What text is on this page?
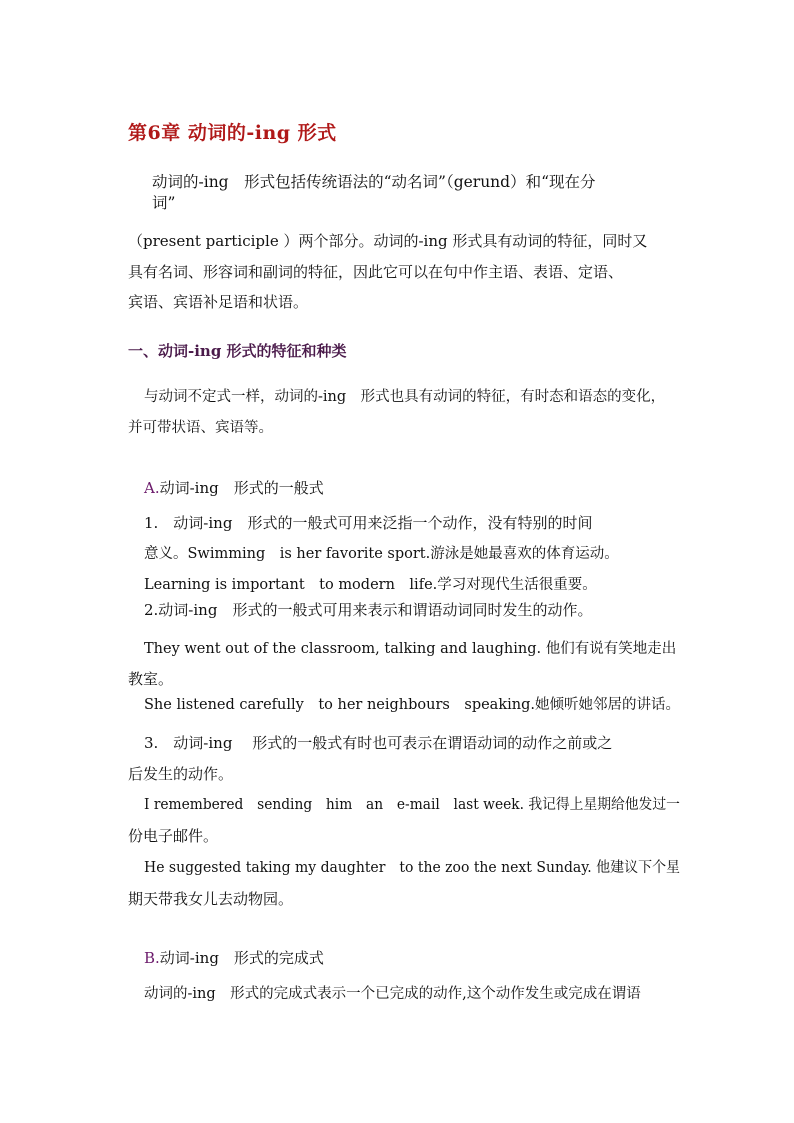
第6章 动词的-ing 形式
动词的-ing　形式包括传统语法的“动名词”（gerund）和“现在分
词”
（present participle ）两个部分。动词的-ing 形式具有动词的特征，同时又
具有名词、形容词和副词的特征，因此它可以在句中作主语、表语、定语、
宾语、宾语补足语和状语。
一、动词-ing 形式的特征和种类
与动词不定式一样，动词的-ing　形式也具有动词的特征，有时态和语态的变化，
并可带状语、宾语等。
A.动词-ing　形式的一般式
1.　动词-ing　形式的一般式可用来泛指一个动作，没有特别的时间
意义。Swimming　is her favorite sport.游泳是她最喜欢的体育运动。
Learning is important　to modern　life.学习对现代生活很重要。
2.动词-ing　形式的一般式可用来表示和谓语动词同时发生的动作。
They went out of the classroom, talking and laughing. 他们有说有笑地走出
教室。
She listened carefully　to her neighbours　speaking.她倾听她邻居的讲话。
3.　动词-ing　 形式的一般式有时也可表示在谓语动词的动作之前或之
后发生的动作。
I remembered　sending　him　an　e-mail　last week. 我记得上星期给他发过一
份电子邮件。
He suggested taking my daughter　to the zoo the next Sunday. 他建议下个星
期天带我女儿去动物园。
B.动词-ing　形式的完成式
动词的-ing　形式的完成式表示一个已完成的动作,这个动作发生或完成在谓语
